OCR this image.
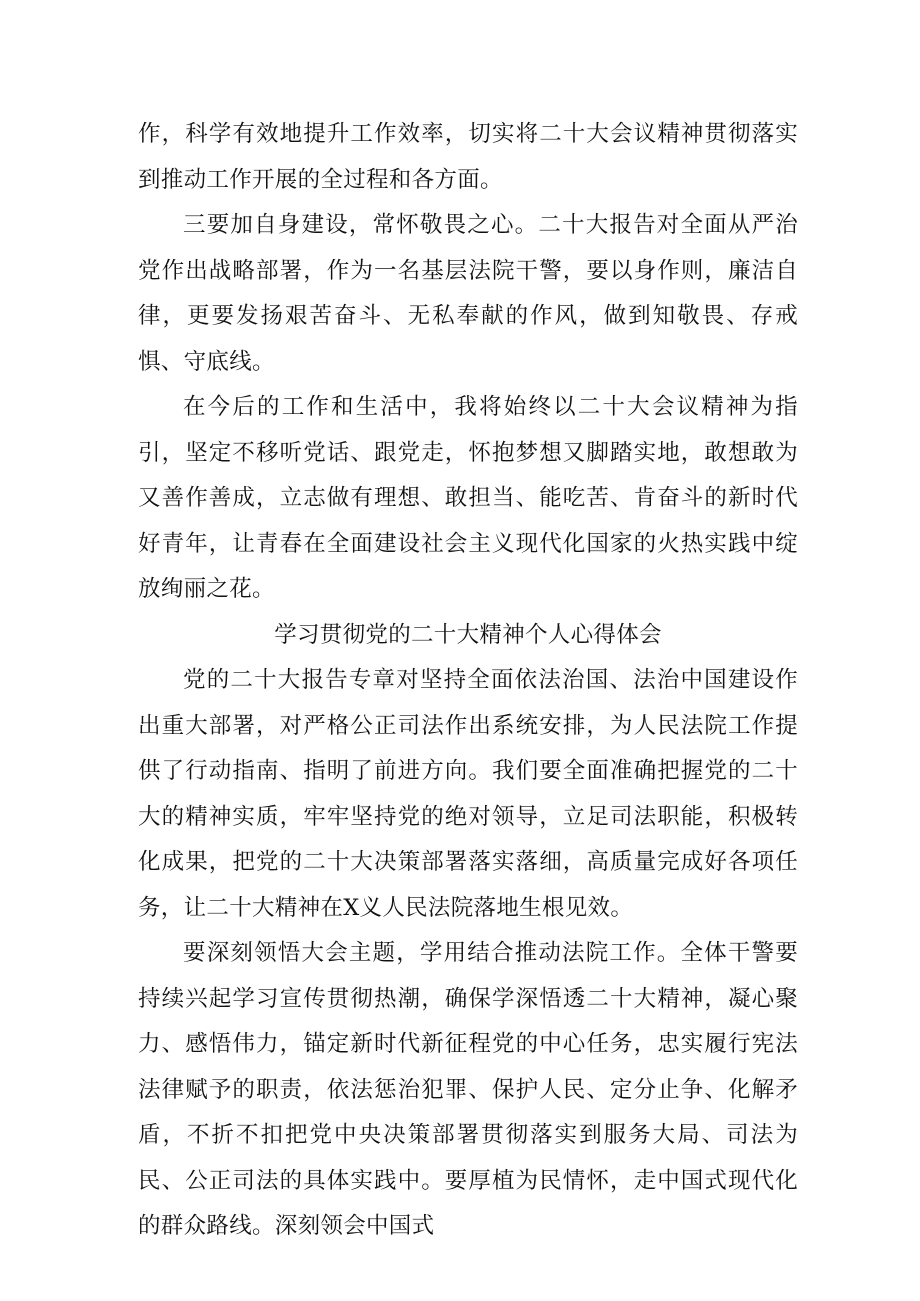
作，科学有效地提升工作效率，切实将二十大会议精神贯彻落实到推动工作开展的全过程和各方面。

三要加自身建设，常怀敬畏之心。二十大报告对全面从严治党作出战略部署，作为一名基层法院干警，要以身作则，廉洁自律，更要发扬艰苦奋斗、无私奉献的作风，做到知敬畏、存戒惧、守底线。

在今后的工作和生活中，我将始终以二十大会议精神为指引，坚定不移听党话、跟党走，怀抱梦想又脚踏实地，敢想敢为又善作善成，立志做有理想、敢担当、能吃苦、肯奋斗的新时代好青年，让青春在全面建设社会主义现代化国家的火热实践中绽放绚丽之花。

学习贯彻党的二十大精神个人心得体会

党的二十大报告专章对坚持全面依法治国、法治中国建设作出重大部署，对严格公正司法作出系统安排，为人民法院工作提供了行动指南、指明了前进方向。我们要全面准确把握党的二十大的精神实质，牢牢坚持党的绝对领导，立足司法职能，积极转化成果，把党的二十大决策部署落实落细，高质量完成好各项任务，让二十大精神在X义人民法院落地生根见效。

要深刻领悟大会主题，学用结合推动法院工作。全体干警要持续兴起学习宣传贯彻热潮，确保学深悟透二十大精神，凝心聚力、感悟伟力，锚定新时代新征程党的中心任务，忠实履行宪法法律赋予的职责，依法惩治犯罪、保护人民、定分止争、化解矛盾，不折不扣把党中央决策部署贯彻落实到服务大局、司法为民、公正司法的具体实践中。要厚植为民情怀，走中国式现代化的群众路线。深刻领会中国式
